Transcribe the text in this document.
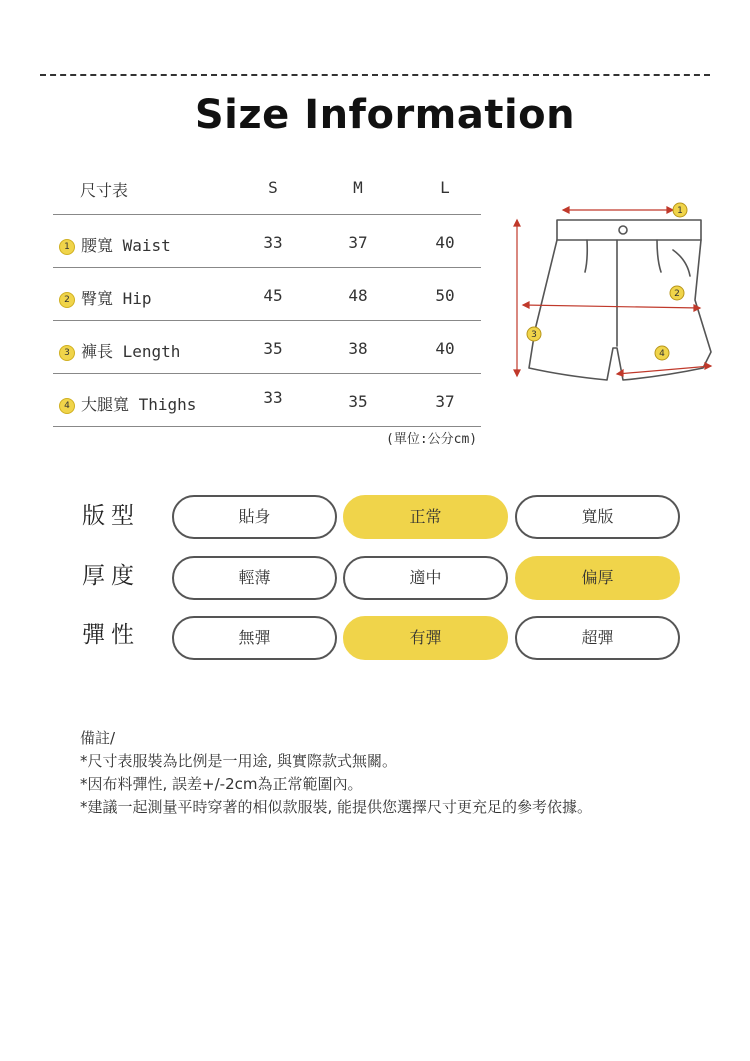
Size Information
尺寸表	S	M	L
1 腰寬 Waist	33	37	40
2 臀寬 Hip	45	48	50
3 褲長 Length	35	38	40
4 大腿寬 Thighs	33	35	37
(單位:公分cm)
1
2
3
4
版型	貼身	正常	寬版
厚度	輕薄	適中	偏厚
彈性	無彈	有彈	超彈
備註/
*尺寸表服裝為比例是一用途, 與實際款式無關。
*因布料彈性, 誤差+/-2cm為正常範圍內。
*建議一起測量平時穿著的相似款服裝, 能提供您選擇尺寸更充足的參考依據。
